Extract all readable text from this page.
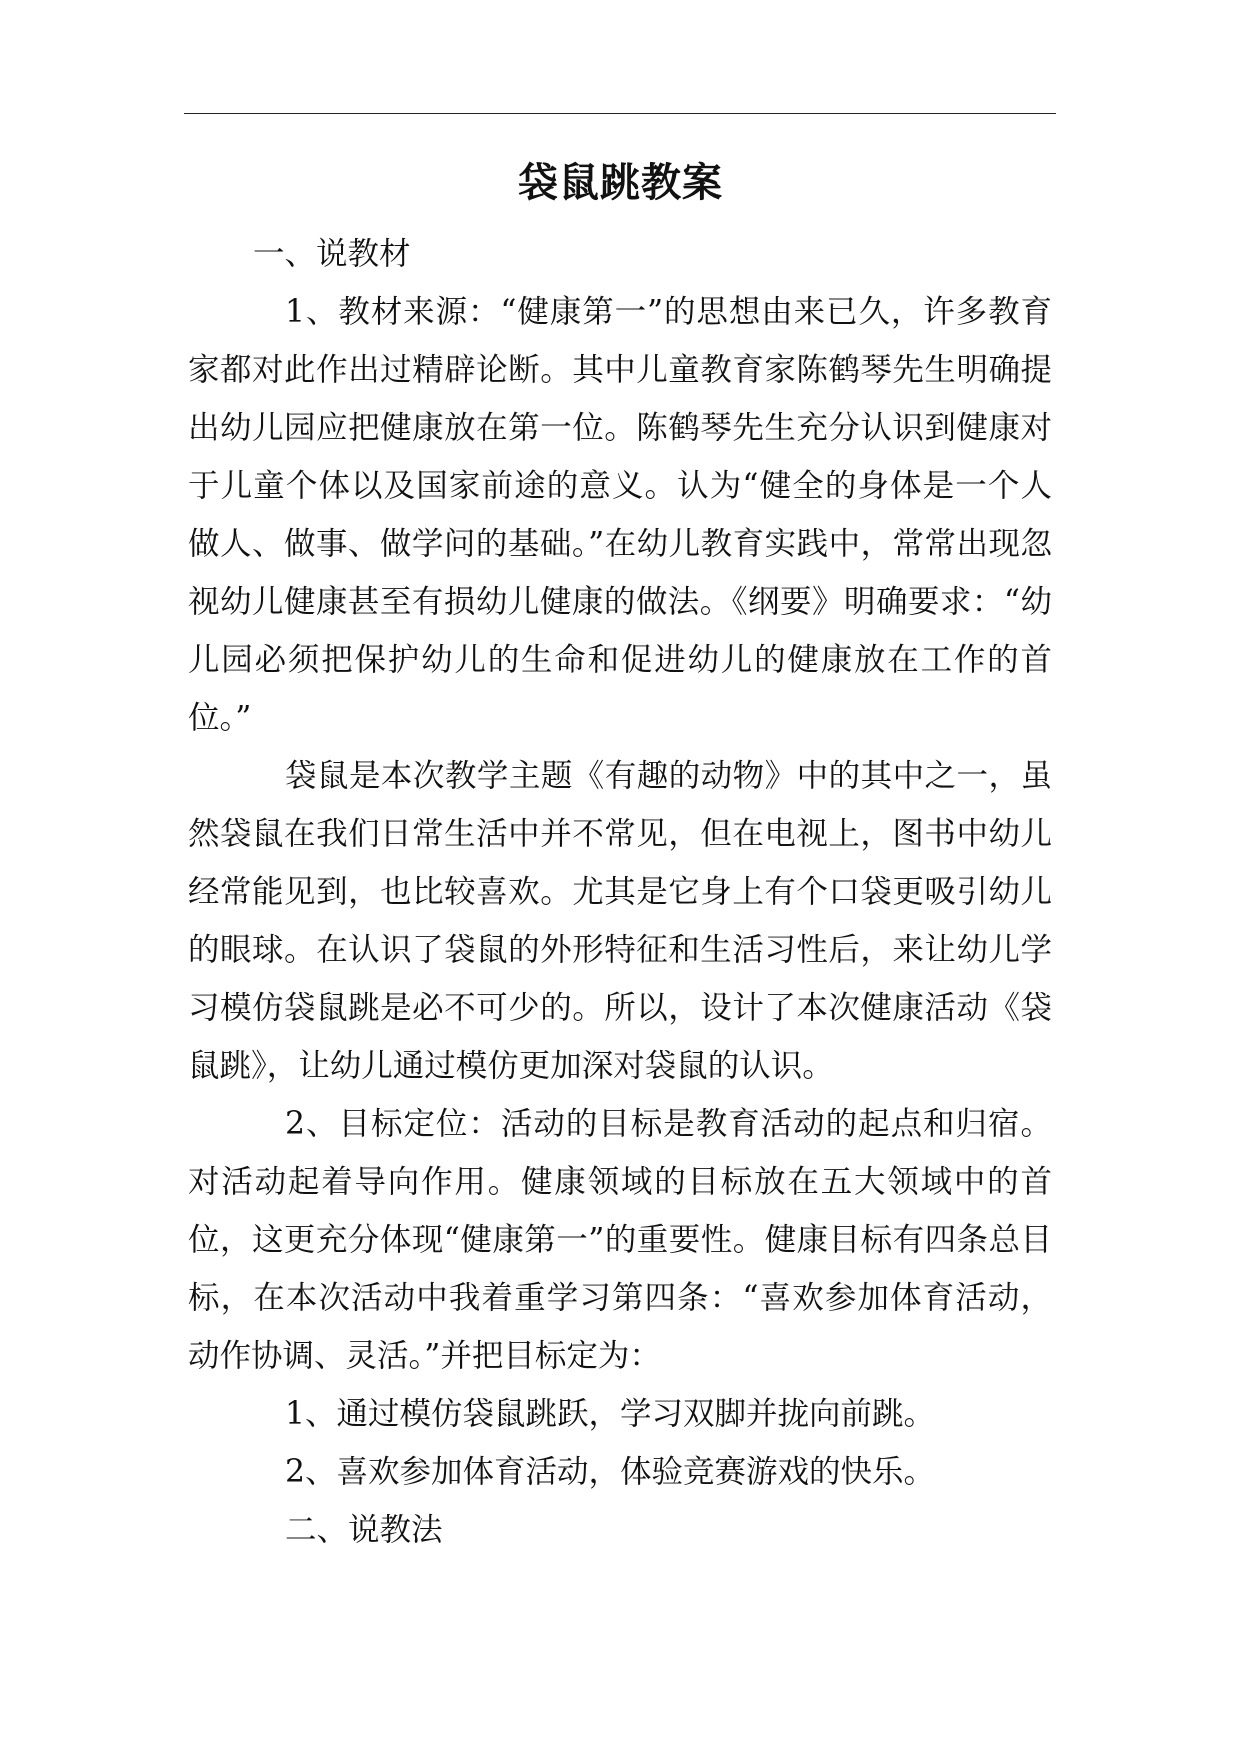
袋鼠跳教案

一、说教材

1、教材来源：“健康第一”的思想由来已久，许多教育家都对此作出过精辟论断。其中儿童教育家陈鹤琴先生明确提出幼儿园应把健康放在第一位。陈鹤琴先生充分认识到健康对于儿童个体以及国家前途的意义。认为“健全的身体是一个人做人、做事、做学问的基础。”在幼儿教育实践中，常常出现忽视幼儿健康甚至有损幼儿健康的做法。《纲要》明确要求：“幼儿园必须把保护幼儿的生命和促进幼儿的健康放在工作的首位。”

袋鼠是本次教学主题《有趣的动物》中的其中之一，虽然袋鼠在我们日常生活中并不常见，但在电视上，图书中幼儿经常能见到，也比较喜欢。尤其是它身上有个口袋更吸引幼儿的眼球。在认识了袋鼠的外形特征和生活习性后，来让幼儿学习模仿袋鼠跳是必不可少的。所以，设计了本次健康活动《袋鼠跳》，让幼儿通过模仿更加深对袋鼠的认识。

2、目标定位：活动的目标是教育活动的起点和归宿。对活动起着导向作用。健康领域的目标放在五大领域中的首位，这更充分体现“健康第一”的重要性。健康目标有四条总目标，在本次活动中我着重学习第四条：“喜欢参加体育活动，动作协调、灵活。”并把目标定为：

1、通过模仿袋鼠跳跃，学习双脚并拢向前跳。

2、喜欢参加体育活动，体验竞赛游戏的快乐。

二、说教法
